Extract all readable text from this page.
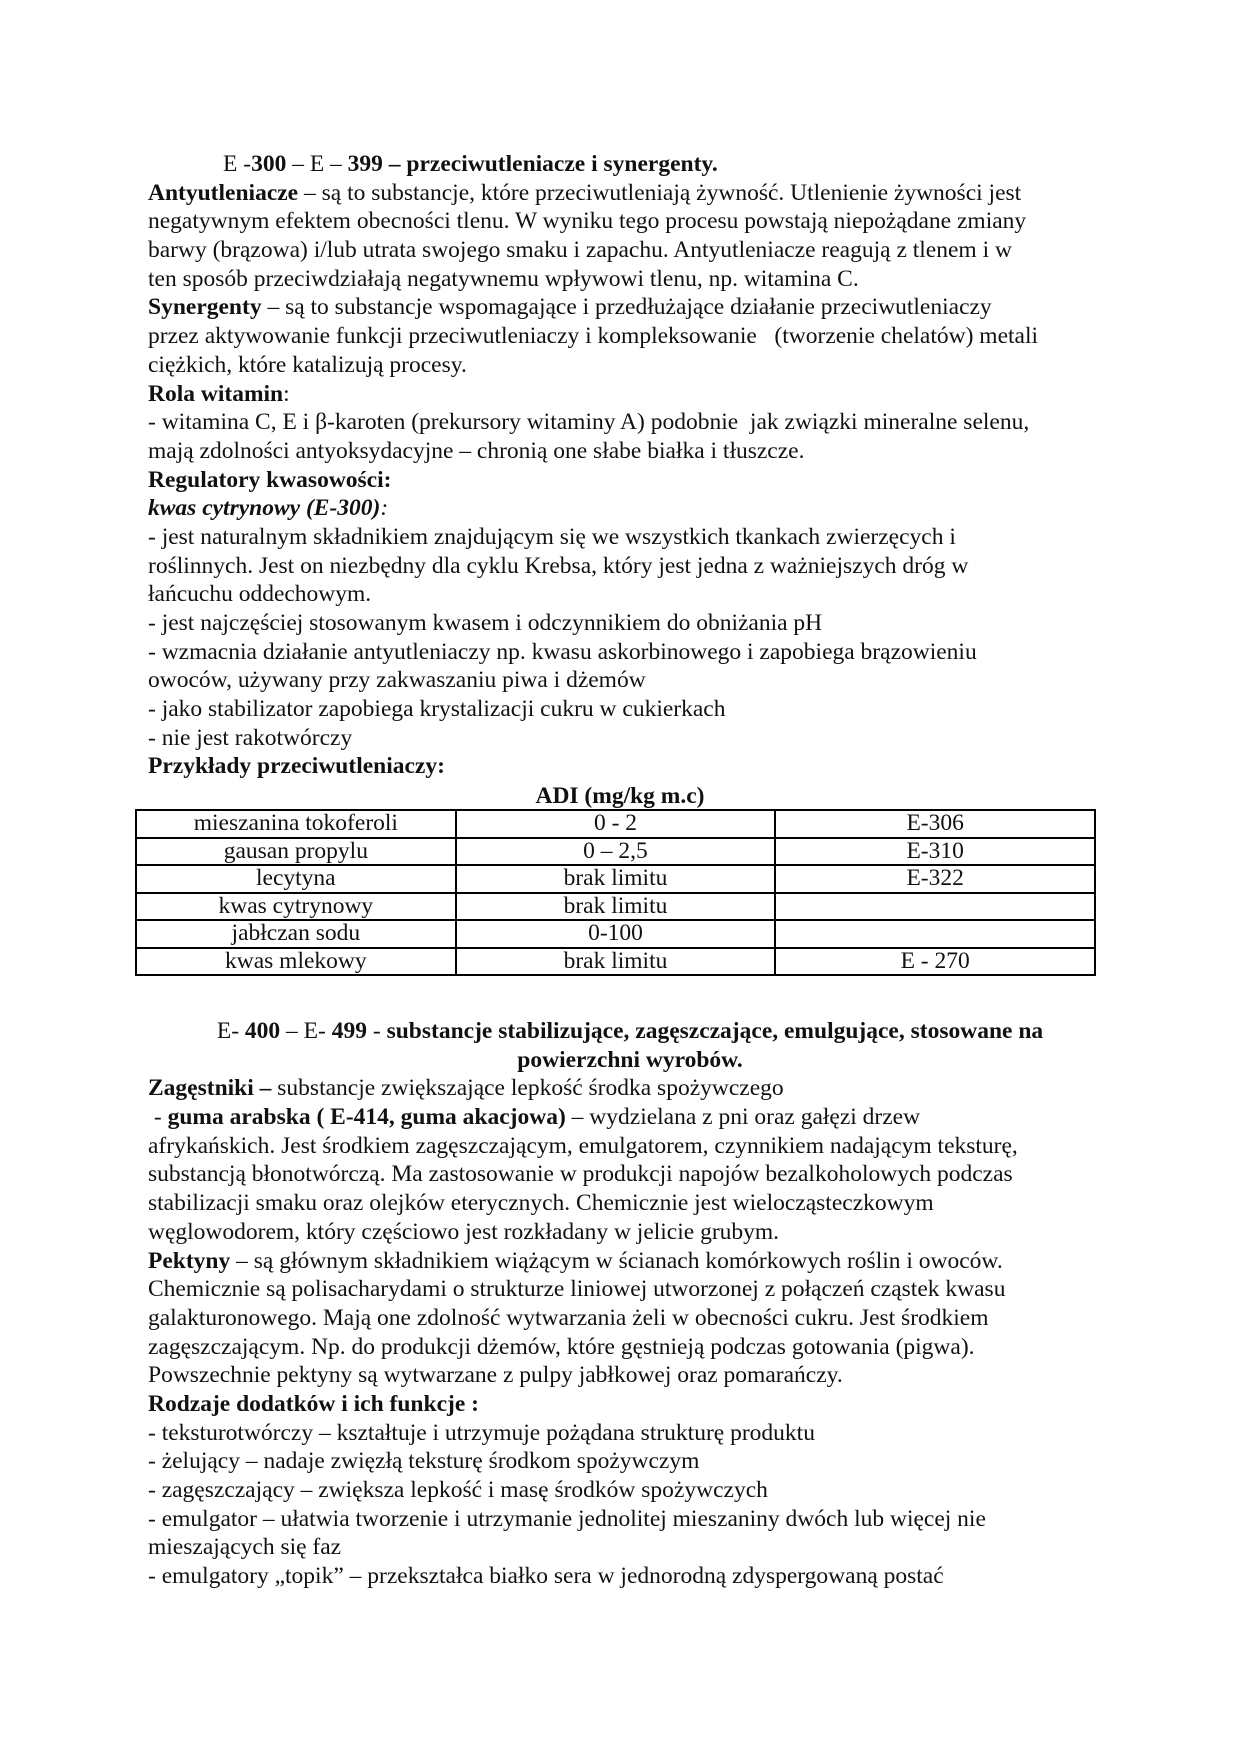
E -300 – E – 399 – przeciwutleniacze i synergenty.
Antyutleniacze – są to substancje, które przeciwutleniają żywność. Utlenienie żywności jest
negatywnym efektem obecności tlenu. W wyniku tego procesu powstają niepożądane zmiany
barwy (brązowa) i/lub utrata swojego smaku i zapachu. Antyutleniacze reagują z tlenem i w
ten sposób przeciwdziałają negatywnemu wpływowi tlenu, np. witamina C.
Synergenty – są to substancje wspomagające i przedłużające działanie przeciwutleniaczy
przez aktywowanie funkcji przeciwutleniaczy i kompleksowanie   (tworzenie chelatów) metali
ciężkich, które katalizują procesy.
Rola witamin:
- witamina C, E i β-karoten (prekursory witaminy A) podobnie  jak związki mineralne selenu,
mają zdolności antyoksydacyjne – chronią one słabe białka i tłuszcze.
Regulatory kwasowości:
kwas cytrynowy (E-300):
- jest naturalnym składnikiem znajdującym się we wszystkich tkankach zwierzęcych i
roślinnych. Jest on niezbędny dla cyklu Krebsa, który jest jedna z ważniejszych dróg w
łańcuchu oddechowym.
- jest najczęściej stosowanym kwasem i odczynnikiem do obniżania pH
- wzmacnia działanie antyutleniaczy np. kwasu askorbinowego i zapobiega brązowieniu
owoców, używany przy zakwaszaniu piwa i dżemów
- jako stabilizator zapobiega krystalizacji cukru w cukierkach
- nie jest rakotwórczy
Przykłady przeciwutleniaczy:
ADI (mg/kg m.c)
mieszanina tokoferoli	0 - 2	E-306
gausan propylu	0 – 2,5	E-310
lecytyna	brak limitu	E-322
kwas cytrynowy	brak limitu	
jabłczan sodu	0-100	
kwas mlekowy	brak limitu	E - 270
E- 400 – E- 499 - substancje stabilizujące, zagęszczające, emulgujące, stosowane na
powierzchni wyrobów.
Zagęstniki – substancje zwiększające lepkość środka spożywczego
- guma arabska ( E-414, guma akacjowa) – wydzielana z pni oraz gałęzi drzew
afrykańskich. Jest środkiem zagęszczającym, emulgatorem, czynnikiem nadającym teksturę,
substancją błonotwórczą. Ma zastosowanie w produkcji napojów bezalkoholowych podczas
stabilizacji smaku oraz olejków eterycznych. Chemicznie jest wielocząsteczkowym
węglowodorem, który częściowo jest rozkładany w jelicie grubym.
Pektyny – są głównym składnikiem wiążącym w ścianach komórkowych roślin i owoców.
Chemicznie są polisacharydami o strukturze liniowej utworzonej z połączeń cząstek kwasu
galakturonowego. Mają one zdolność wytwarzania żeli w obecności cukru. Jest środkiem
zagęszczającym. Np. do produkcji dżemów, które gęstnieją podczas gotowania (pigwa).
Powszechnie pektyny są wytwarzane z pulpy jabłkowej oraz pomarańczy.
Rodzaje dodatków i ich funkcje :
- teksturotwórczy – kształtuje i utrzymuje pożądana strukturę produktu
- żelujący – nadaje zwięzłą teksturę środkom spożywczym
- zagęszczający – zwiększa lepkość i masę środków spożywczych
- emulgator – ułatwia tworzenie i utrzymanie jednolitej mieszaniny dwóch lub więcej nie
mieszających się faz
- emulgatory „topik” – przekształca białko sera w jednorodną zdyspergowaną postać
